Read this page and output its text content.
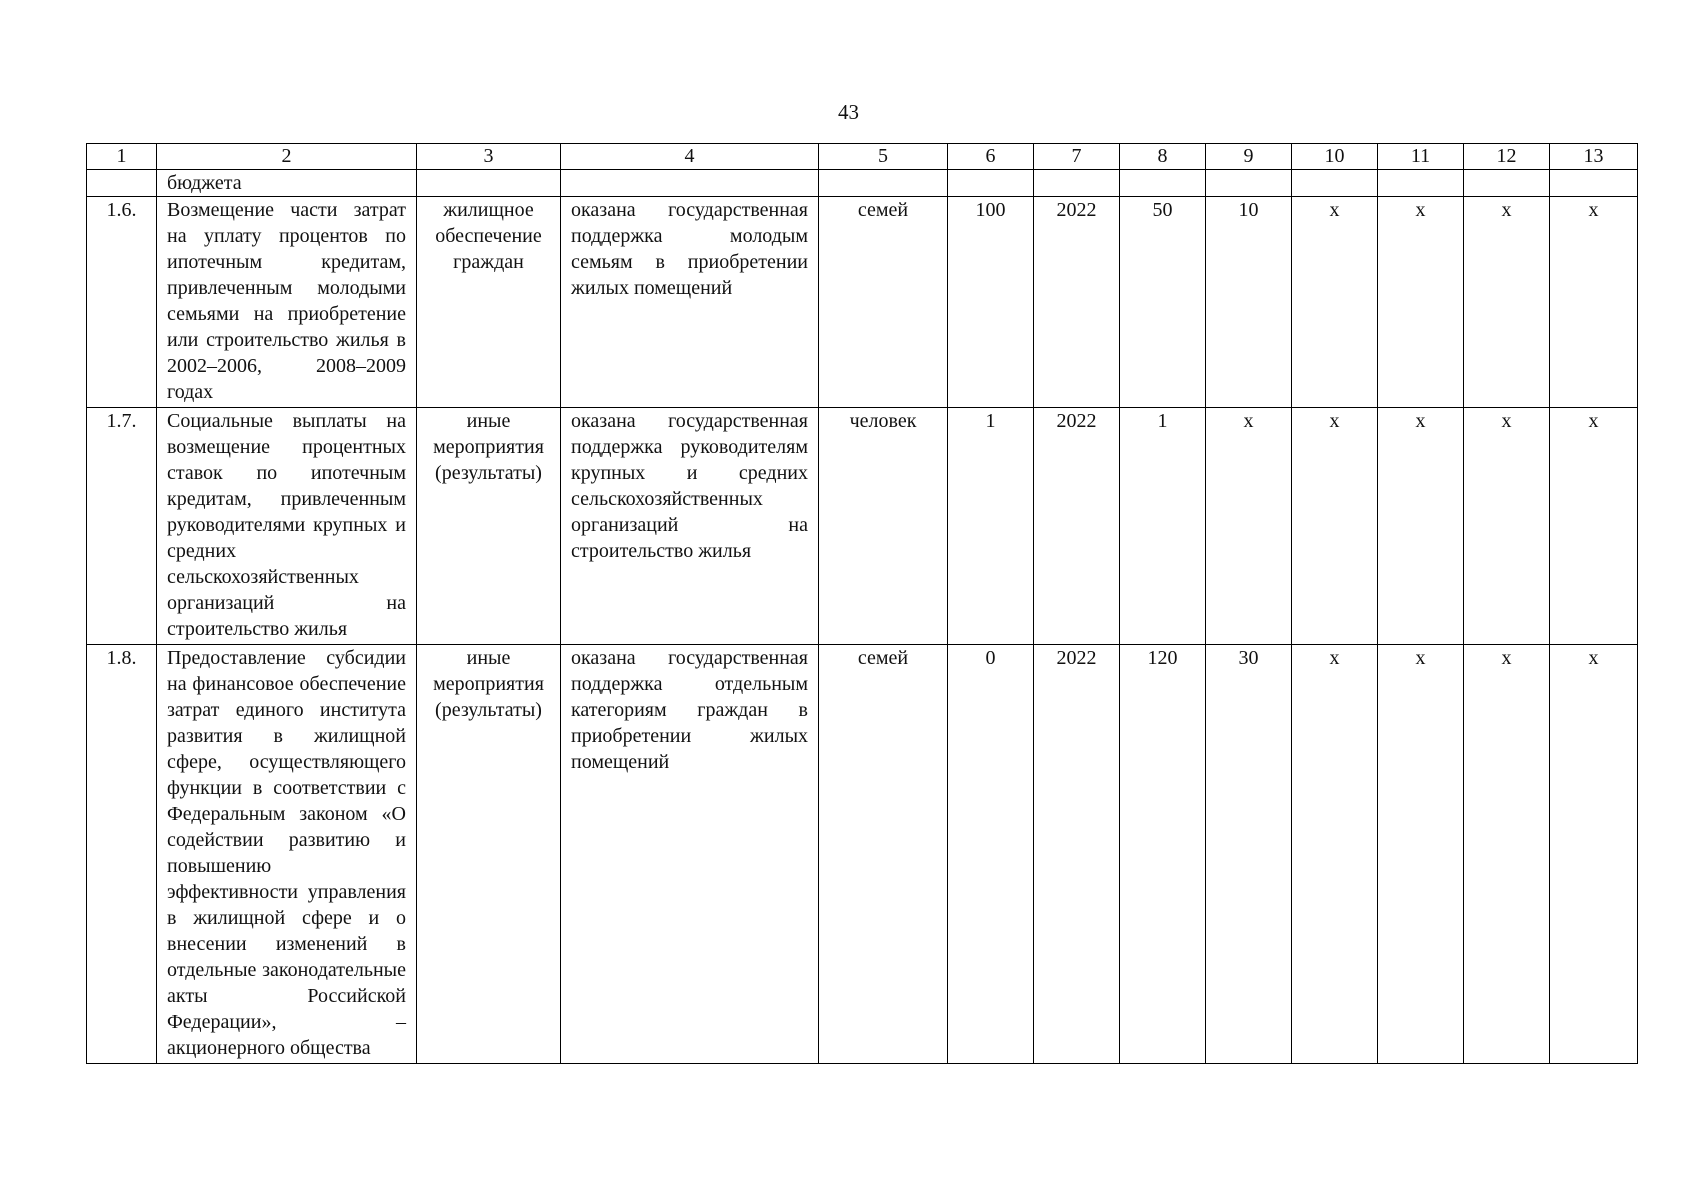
43
1	2	3	4	5	6	7	8	9	10	11	12	13
	бюджета											
1.6.	Возмещение части затрат на уплату процентов по ипотечным кредитам, привлеченным молодыми семьями на приобретение или строительство жилья в 2002–2006, 2008–2009 годах	жилищное обеспечение граждан	оказана государственная поддержка молодым семьям в приобретении жилых помещений	семей	100	2022	50	10	х	х	х	х
1.7.	Социальные выплаты на возмещение процентных ставок по ипотечным кредитам, привлеченным руководителями крупных и средних сельскохозяйственных организаций на строительство жилья	иные мероприятия (результаты)	оказана государственная поддержка руководителям крупных и средних сельскохозяйственных организаций на строительство жилья	человек	1	2022	1	х	х	х	х	х
1.8.	Предоставление субсидии на финансовое обеспечение затрат единого института развития в жилищной сфере, осуществляющего функции в соответствии с Федеральным законом «О содействии развитию и повышению эффективности управления в жилищной сфере и о внесении изменений в отдельные законодательные акты Российской Федерации», – акционерного общества	иные мероприятия (результаты)	оказана государственная поддержка отдельным категориям граждан в приобретении жилых помещений	семей	0	2022	120	30	х	х	х	х
